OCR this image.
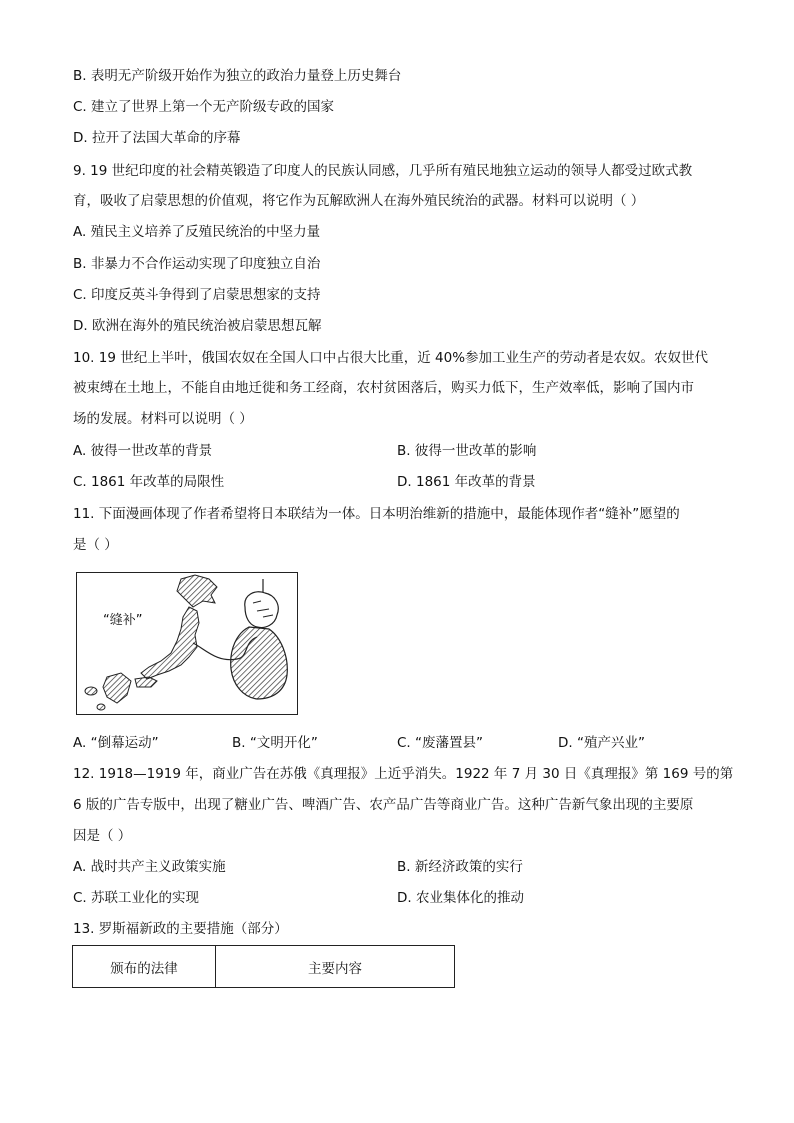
B. 表明无产阶级开始作为独立的政治力量登上历史舞台
C. 建立了世界上第一个无产阶级专政的国家
D. 拉开了法国大革命的序幕
9. 19 世纪印度的社会精英锻造了印度人的民族认同感，几乎所有殖民地独立运动的领导人都受过欧式教
育，吸收了启蒙思想的价值观，将它作为瓦解欧洲人在海外殖民统治的武器。材料可以说明（ ）
A. 殖民主义培养了反殖民统治的中坚力量
B. 非暴力不合作运动实现了印度独立自治
C. 印度反英斗争得到了启蒙思想家的支持
D. 欧洲在海外的殖民统治被启蒙思想瓦解
10. 19 世纪上半叶，俄国农奴在全国人口中占很大比重，近 40%参加工业生产的劳动者是农奴。农奴世代
被束缚在土地上，不能自由地迁徙和务工经商，农村贫困落后，购买力低下，生产效率低，影响了国内市
场的发展。材料可以说明（ ）
A. 彼得一世改革的背景	B. 彼得一世改革的影响
C. 1861 年改革的局限性	D. 1861 年改革的背景
11. 下面漫画体现了作者希望将日本联结为一体。日本明治维新的措施中，最能体现作者“缝补”愿望的
是（ ）
“缝补”
A. “倒幕运动”	B. “文明开化”	C. “废藩置县”	D. “殖产兴业”
12. 1918—1919 年，商业广告在苏俄《真理报》上近乎消失。1922 年 7 月 30 日《真理报》第 169 号的第
6 版的广告专版中，出现了糖业广告、啤酒广告、农产品广告等商业广告。这种广告新气象出现的主要原
因是（ ）
A. 战时共产主义政策实施	B. 新经济政策的实行
C. 苏联工业化的实现	D. 农业集体化的推动
13. 罗斯福新政的主要措施（部分）
颁布的法律	主要内容
